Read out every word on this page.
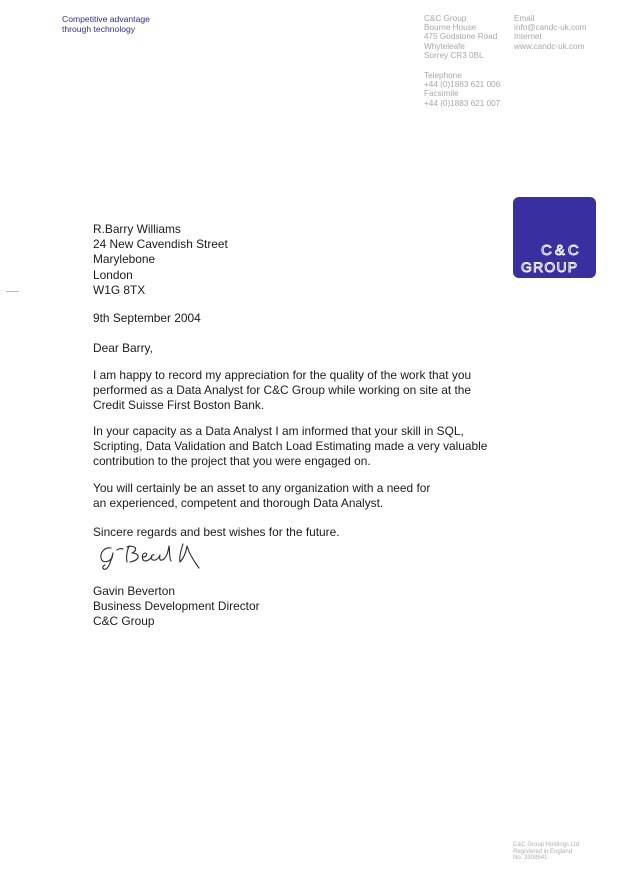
Competitive advantage
through technology
C&C Group
Bourne House
475 Godstone Road
Whyteleafe
Surrey CR3 0BL
Email
info@candc-uk.com
Internet
www.candc-uk.com
Telephone
+44 (0)1883 621 006
Facsimile
+44 (0)1883 621 007
C&C
GROUP
R.Barry Williams
24 New Cavendish Street
Marylebone
London
W1G 8TX
9th September 2004
Dear Barry,
I am happy to record my appreciation for the quality of the work that you
performed as a Data Analyst for C&C Group while working on site at the
Credit Suisse First Boston Bank.
In your capacity as a Data Analyst I am informed that your skill in SQL,
Scripting, Data Validation and Batch Load Estimating made a very valuable
contribution to the project that you were engaged on.
You will certainly be an asset to any organization with a need for
an experienced, competent and thorough Data Analyst.
Sincere regards and best wishes for the future.
Gavin Beverton
Business Development Director
C&C Group
C&C Group Holdings Ltd
Registered in England
No. 3308641
